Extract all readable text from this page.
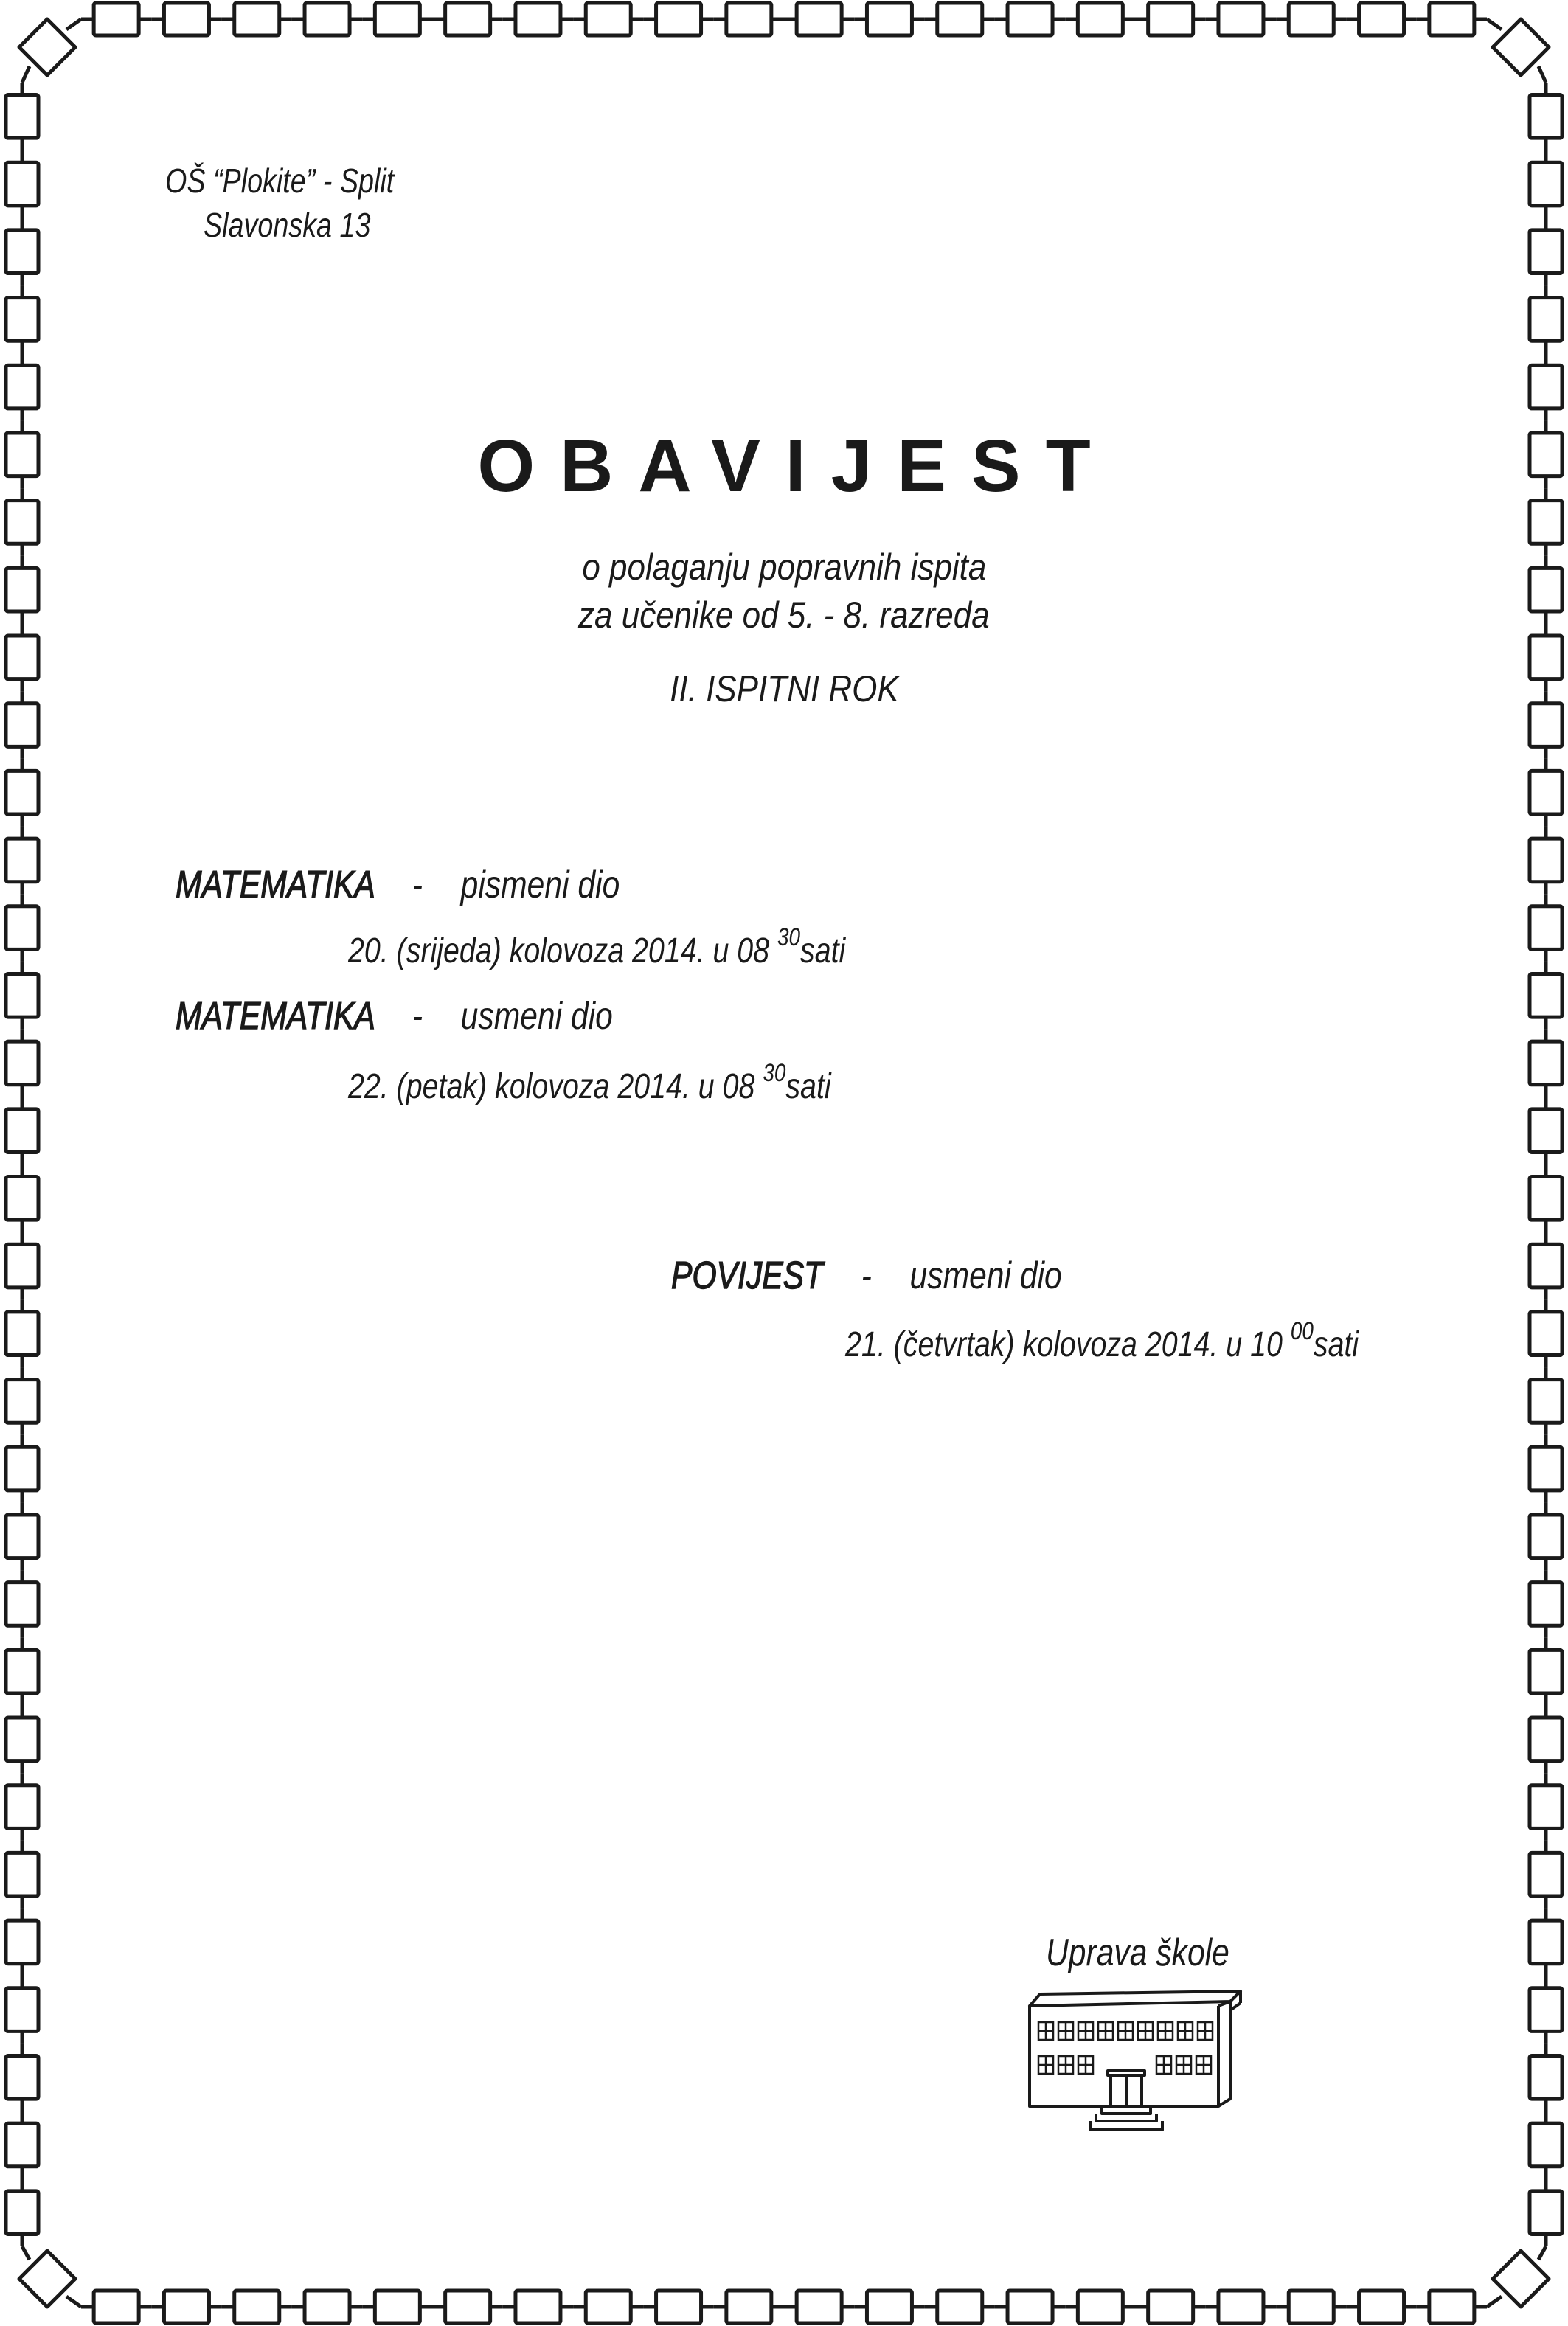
OŠ “Plokite” - Split
Slavonska 13
OBAVIJEST
o polaganju popravnih ispita
za učenike od 5. - 8. razreda
II. ISPITNI ROK
MATEMATIKA - pismeni dio
20. (srijeda) kolovoza 2014. u 08 $^{30}$sati
MATEMATIKA - usmeni dio
22. (petak) kolovoza 2014. u 08 $^{30}$sati
POVIJEST - usmeni dio
21. (četvrtak) kolovoza 2014. u 10 $^{00}$sati
Uprava škole
